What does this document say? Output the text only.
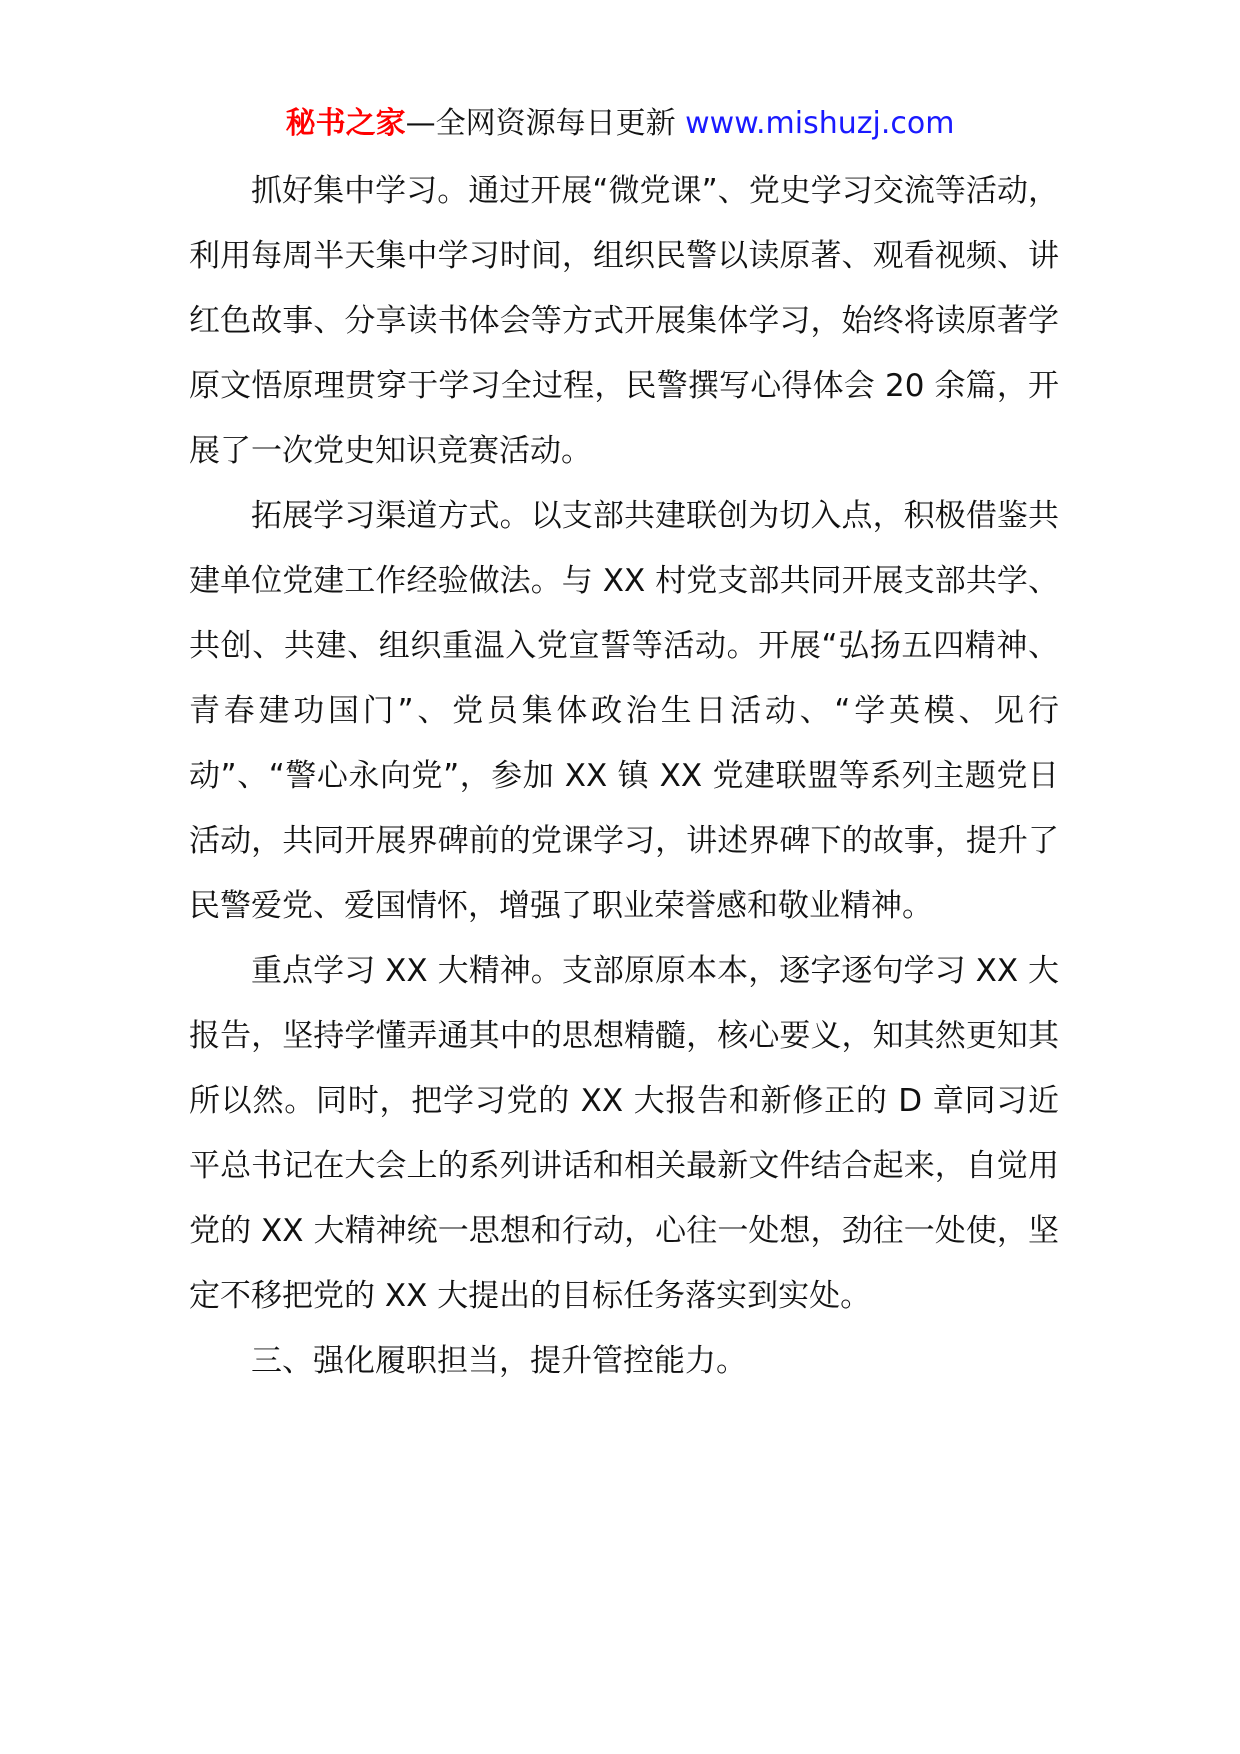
秘书之家—全网资源每日更新 www.mishuzj.com

抓好集中学习。通过开展“微党课”、党史学习交流等活动，利用每周半天集中学习时间，组织民警以读原著、观看视频、讲红色故事、分享读书体会等方式开展集体学习，始终将读原著学原文悟原理贯穿于学习全过程，民警撰写心得体会 20 余篇，开展了一次党史知识竞赛活动。

拓展学习渠道方式。以支部共建联创为切入点，积极借鉴共建单位党建工作经验做法。与 XX 村党支部共同开展支部共学、共创、共建、组织重温入党宣誓等活动。开展“弘扬五四精神、青春建功国门”、党员集体政治生日活动、“学英模、见行动”、“警心永向党”，参加 XX 镇 XX 党建联盟等系列主题党日活动，共同开展界碑前的党课学习，讲述界碑下的故事，提升了民警爱党、爱国情怀，增强了职业荣誉感和敬业精神。

重点学习 XX 大精神。支部原原本本，逐字逐句学习 XX 大报告，坚持学懂弄通其中的思想精髓，核心要义，知其然更知其所以然。同时，把学习党的 XX 大报告和新修正的 D 章同习近平总书记在大会上的系列讲话和相关最新文件结合起来，自觉用党的 XX 大精神统一思想和行动，心往一处想，劲往一处使，坚定不移把党的 XX 大提出的目标任务落实到实处。

三、强化履职担当，提升管控能力。
